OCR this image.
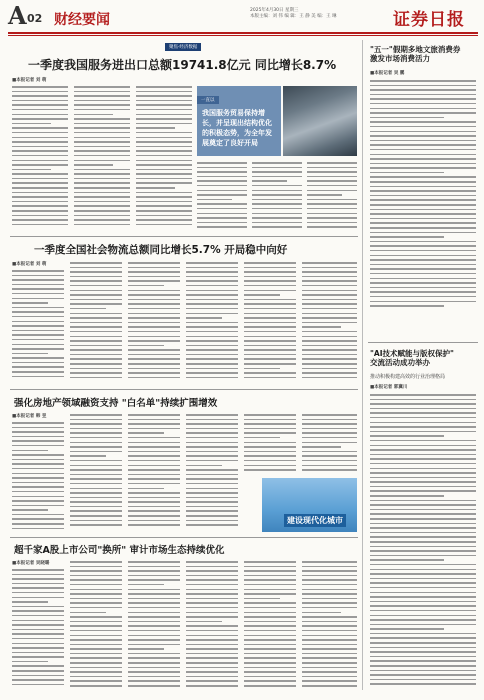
A 02 财经要闻
2025年4月30日 星期三
本版主编：刘 伟 编 辑：王 静 美 编：王 琳	证券日报
聚焦·经济数据
一季度我国服务进出口总额19741.8亿元 同比增长8.7%
■本报记者 刘 萌
一直以
我国服务贸易保持增长，并呈现出结构优化的积极态势，为全年发展奠定了良好开局
一季度全国社会物流总额同比增长5.7% 开局稳中向好
■本报记者 刘 萌
强化房地产领域融资支持 "白名单"持续扩围增效
■本报记者 韩 昱
建设现代化城市
超千家A股上市公司"换所" 审计市场生态持续优化
■本报记者 吴晓璐
"五一"假期多地文旅消费券
激发市场消费活力
■本报记者 吴 鹏
"AI技术赋能与版权保护"
交流活动成功举办
推动积极构建高效的行业治理格局
■本报记者 郭冀川
